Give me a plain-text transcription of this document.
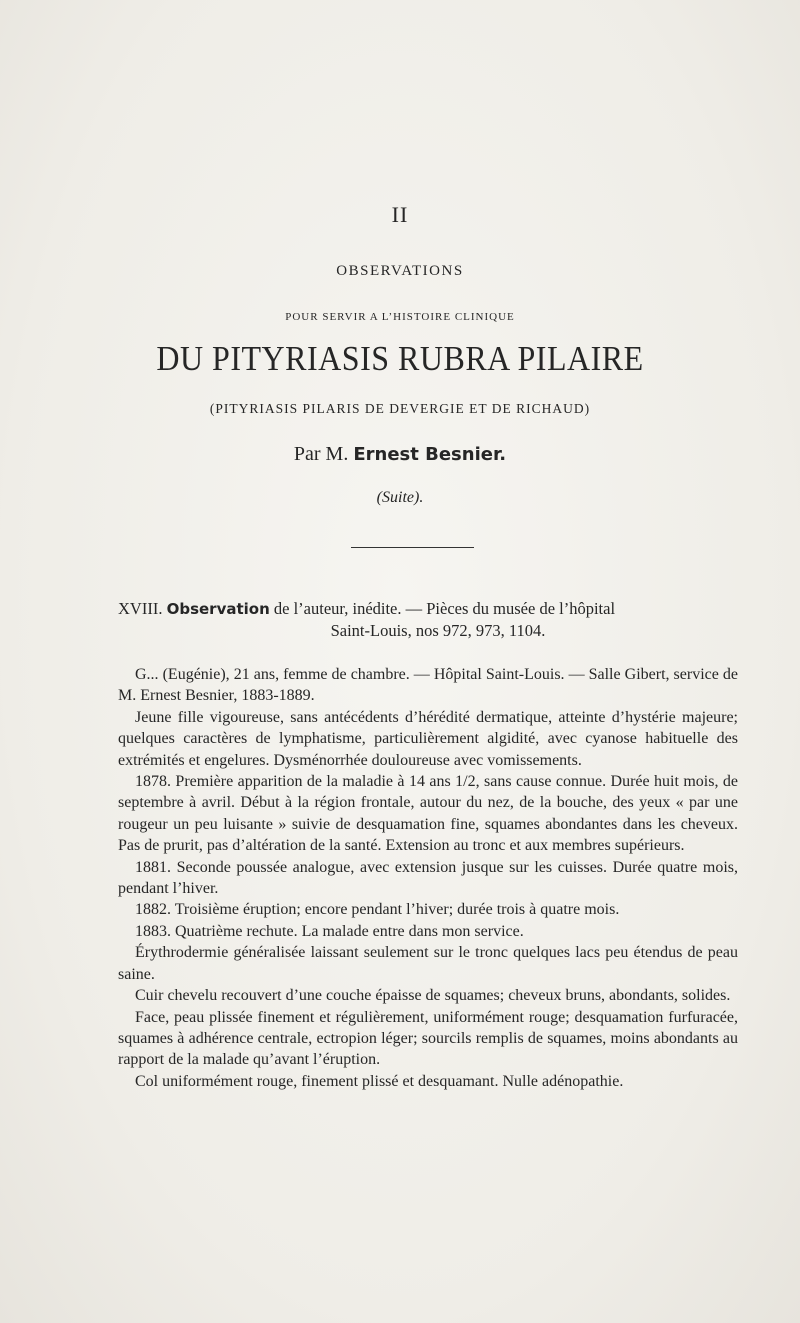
II
OBSERVATIONS
POUR SERVIR A L’HISTOIRE CLINIQUE
DU PITYRIASIS RUBRA PILAIRE
(PITYRIASIS PILARIS DE DEVERGIE ET DE RICHAUD)
Par M. Ernest Besnier.
(Suite).
XVIII. Observation de l’auteur, inédite. — Pièces du musée de l’hôpital
Saint-Louis, nos 972, 973, 1104.

G... (Eugénie), 21 ans, femme de chambre. — Hôpital Saint-Louis. — Salle Gibert, service de M. Ernest Besnier, 1883-1889.

Jeune fille vigoureuse, sans antécédents d’hérédité dermatique, atteinte d’hystérie majeure; quelques caractères de lymphatisme, particulièrement algidité, avec cyanose habituelle des extrémités et engelures. Dysménorrhée douloureuse avec vomissements.

1878. Première apparition de la maladie à 14 ans 1/2, sans cause connue. Durée huit mois, de septembre à avril. Début à la région frontale, autour du nez, de la bouche, des yeux « par une rougeur un peu luisante » suivie de desquamation fine, squames abondantes dans les cheveux. Pas de prurit, pas d’altération de la santé. Extension au tronc et aux membres supérieurs.

1881. Seconde poussée analogue, avec extension jusque sur les cuisses. Durée quatre mois, pendant l’hiver.

1882. Troisième éruption; encore pendant l’hiver; durée trois à quatre mois.

1883. Quatrième rechute. La malade entre dans mon service.

Érythrodermie généralisée laissant seulement sur le tronc quelques lacs peu étendus de peau saine.

Cuir chevelu recouvert d’une couche épaisse de squames; cheveux bruns, abondants, solides.

Face, peau plissée finement et régulièrement, uniformément rouge; desquamation furfuracée, squames à adhérence centrale, ectropion léger; sourcils remplis de squames, moins abondants au rapport de la malade qu’avant l’éruption.

Col uniformément rouge, finement plissé et desquamant. Nulle adénopathie.
